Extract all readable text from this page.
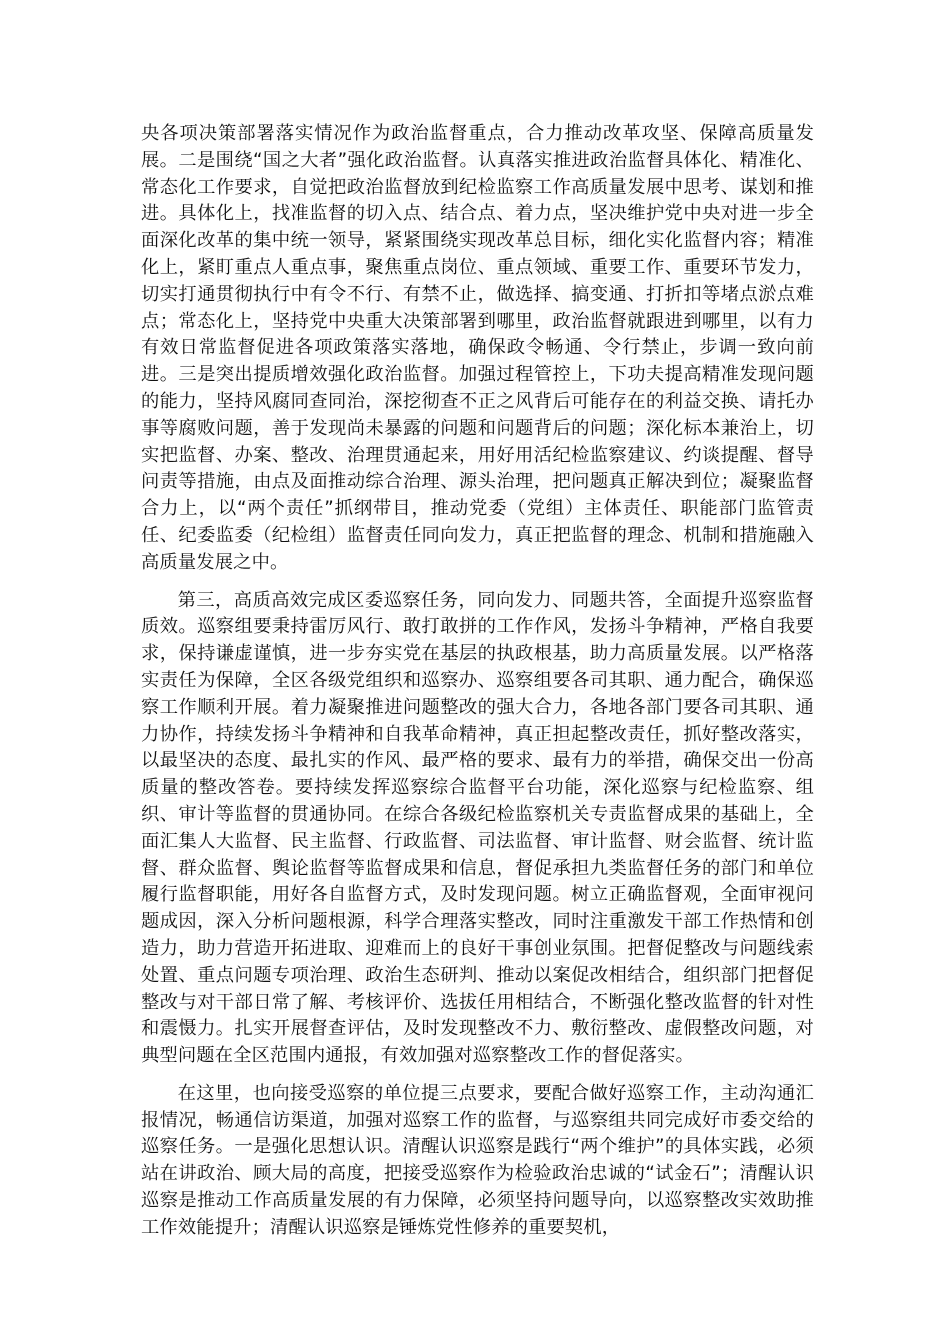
央各项决策部署落实情况作为政治监督重点，合力推动改革攻坚、保障高质量发展。二是围绕“国之大者”强化政治监督。认真落实推进政治监督具体化、精准化、常态化工作要求，自觉把政治监督放到纪检监察工作高质量发展中思考、谋划和推进。具体化上，找准监督的切入点、结合点、着力点，坚决维护党中央对进一步全面深化改革的集中统一领导，紧紧围绕实现改革总目标，细化实化监督内容；精准化上，紧盯重点人重点事，聚焦重点岗位、重点领域、重要工作、重要环节发力，切实打通贯彻执行中有令不行、有禁不止，做选择、搞变通、打折扣等堵点淤点难点；常态化上，坚持党中央重大决策部署到哪里，政治监督就跟进到哪里，以有力有效日常监督促进各项政策落实落地，确保政令畅通、令行禁止，步调一致向前进。三是突出提质增效强化政治监督。加强过程管控上，下功夫提高精准发现问题的能力，坚持风腐同查同治，深挖彻查不正之风背后可能存在的利益交换、请托办事等腐败问题，善于发现尚未暴露的问题和问题背后的问题；深化标本兼治上，切实把监督、办案、整改、治理贯通起来，用好用活纪检监察建议、约谈提醒、督导问责等措施，由点及面推动综合治理、源头治理，把问题真正解决到位；凝聚监督合力上，以“两个责任”抓纲带目，推动党委（党组）主体责任、职能部门监管责任、纪委监委（纪检组）监督责任同向发力，真正把监督的理念、机制和措施融入高质量发展之中。

第三，高质高效完成区委巡察任务，同向发力、同题共答，全面提升巡察监督质效。巡察组要秉持雷厉风行、敢打敢拼的工作作风，发扬斗争精神，严格自我要求，保持谦虚谨慎，进一步夯实党在基层的执政根基，助力高质量发展。以严格落实责任为保障，全区各级党组织和巡察办、巡察组要各司其职、通力配合，确保巡察工作顺利开展。着力凝聚推进问题整改的强大合力，各地各部门要各司其职、通力协作，持续发扬斗争精神和自我革命精神，真正担起整改责任，抓好整改落实，以最坚决的态度、最扎实的作风、最严格的要求、最有力的举措，确保交出一份高质量的整改答卷。要持续发挥巡察综合监督平台功能，深化巡察与纪检监察、组织、审计等监督的贯通协同。在综合各级纪检监察机关专责监督成果的基础上，全面汇集人大监督、民主监督、行政监督、司法监督、审计监督、财会监督、统计监督、群众监督、舆论监督等监督成果和信息，督促承担九类监督任务的部门和单位履行监督职能，用好各自监督方式，及时发现问题。树立正确监督观，全面审视问题成因，深入分析问题根源，科学合理落实整改，同时注重激发干部工作热情和创造力，助力营造开拓进取、迎难而上的良好干事创业氛围。把督促整改与问题线索处置、重点问题专项治理、政治生态研判、推动以案促改相结合，组织部门把督促整改与对干部日常了解、考核评价、选拔任用相结合，不断强化整改监督的针对性和震慑力。扎实开展督查评估，及时发现整改不力、敷衍整改、虚假整改问题，对典型问题在全区范围内通报，有效加强对巡察整改工作的督促落实。

在这里，也向接受巡察的单位提三点要求，要配合做好巡察工作，主动沟通汇报情况，畅通信访渠道，加强对巡察工作的监督，与巡察组共同完成好市委交给的巡察任务。一是强化思想认识。清醒认识巡察是践行“两个维护”的具体实践，必须站在讲政治、顾大局的高度，把接受巡察作为检验政治忠诚的“试金石”；清醒认识巡察是推动工作高质量发展的有力保障，必须坚持问题导向，以巡察整改实效助推工作效能提升；清醒认识巡察是锤炼党性修养的重要契机，
